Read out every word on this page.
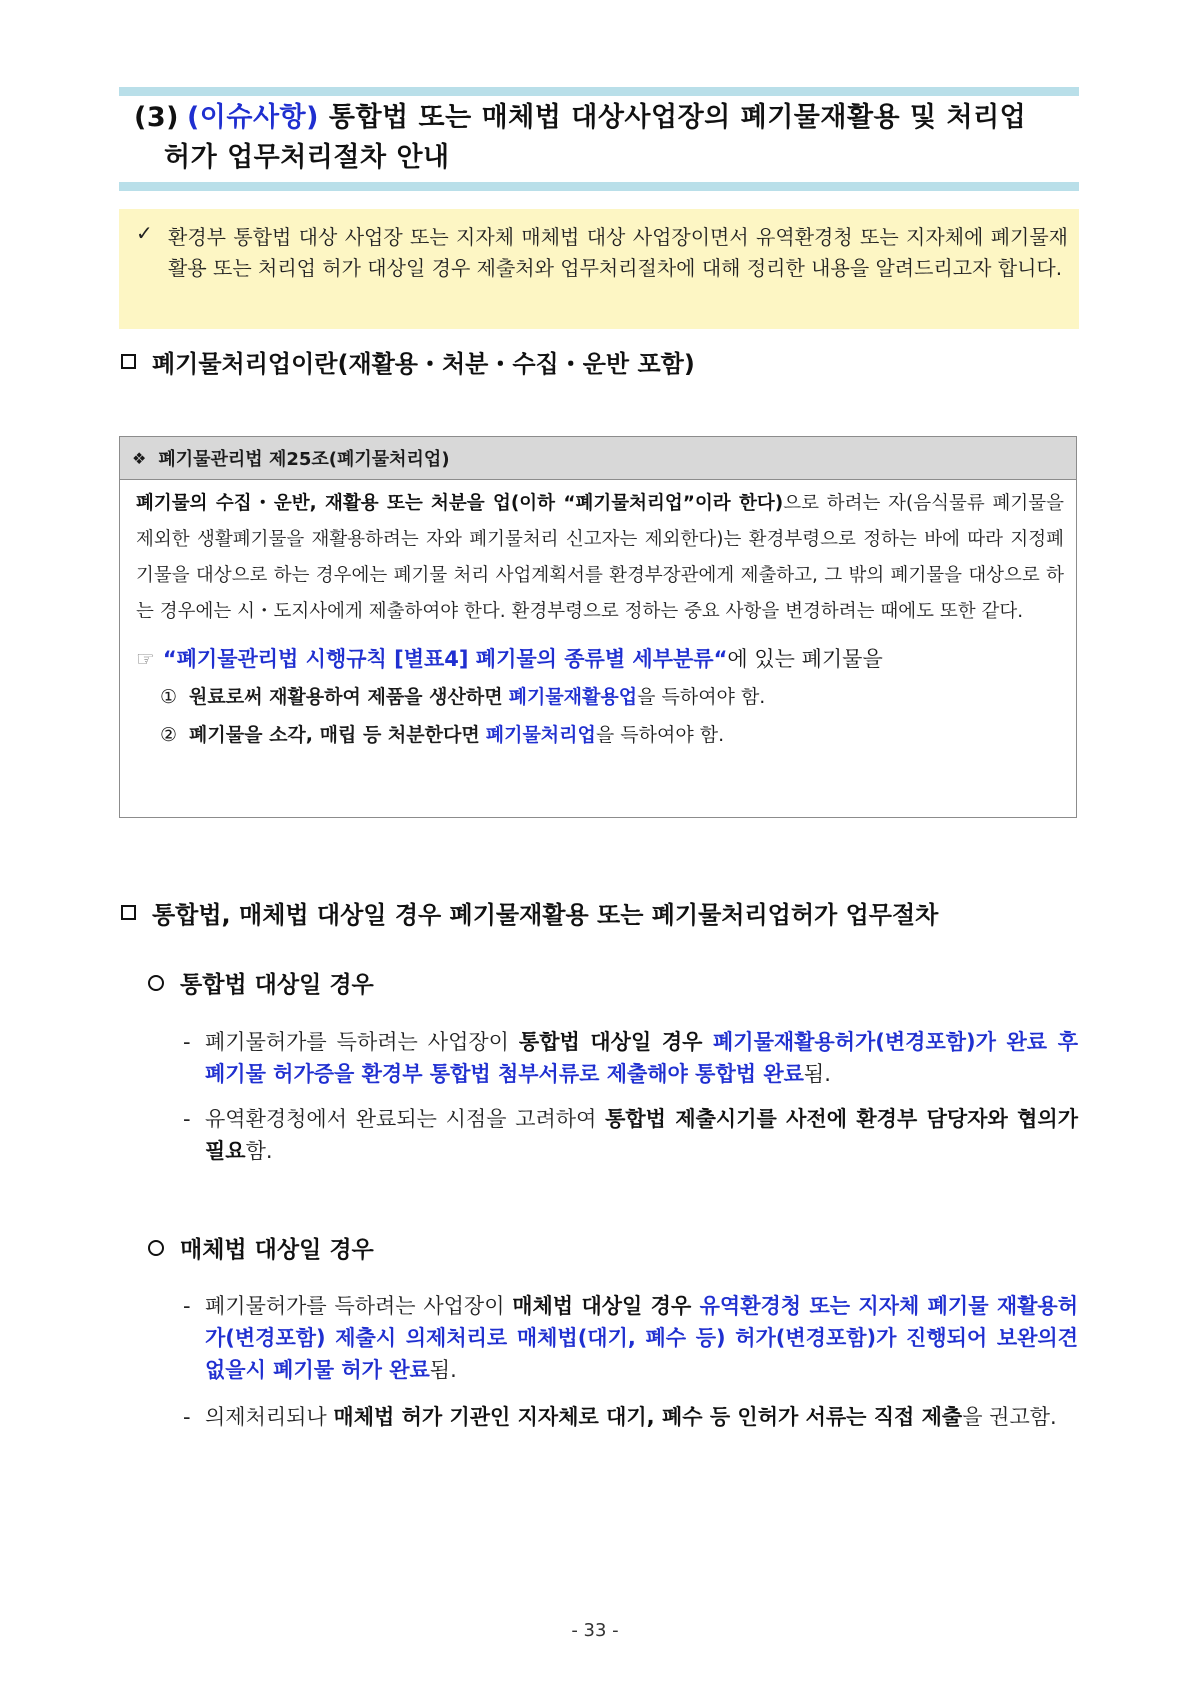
(3) (이슈사항) 통합법 또는 매체법 대상사업장의 폐기물재활용 및 처리업
허가 업무처리절차 안내
✓ 환경부 통합법 대상 사업장 또는 지자체 매체법 대상 사업장이면서 유역환경청 또는 지자체에 폐기물재활용 또는 처리업 허가 대상일 경우 제출처와 업무처리절차에 대해 정리한 내용을 알려드리고자 합니다.
폐기물처리업이란(재활용・처분・수집・운반 포함)
❖ 폐기물관리법 제25조(폐기물처리업)
폐기물의 수집・운반, 재활용 또는 처분을 업(이하 “폐기물처리업”이라 한다)으로 하려는 자(음식물류 폐기물을 제외한 생활폐기물을 재활용하려는 자와 폐기물처리 신고자는 제외한다)는 환경부령으로 정하는 바에 따라 지정폐기물을 대상으로 하는 경우에는 폐기물 처리 사업계획서를 환경부장관에게 제출하고, 그 밖의 폐기물을 대상으로 하는 경우에는 시・도지사에게 제출하여야 한다. 환경부령으로 정하는 중요 사항을 변경하려는 때에도 또한 같다.
☞ “폐기물관리법 시행규칙 [별표4] 폐기물의 종류별 세부분류“에 있는 폐기물을
① 원료로써 재활용하여 제품을 생산하면 폐기물재활용업을 득하여야 함.
② 폐기물을 소각, 매립 등 처분한다면 폐기물처리업을 득하여야 함.
통합법, 매체법 대상일 경우 폐기물재활용 또는 폐기물처리업허가 업무절차
통합법 대상일 경우
- 폐기물허가를 득하려는 사업장이 통합법 대상일 경우 폐기물재활용허가(변경포함)가 완료 후 폐기물 허가증을 환경부 통합법 첨부서류로 제출해야 통합법 완료됨.
- 유역환경청에서 완료되는 시점을 고려하여 통합법 제출시기를 사전에 환경부 담당자와 협의가 필요함.
매체법 대상일 경우
- 폐기물허가를 득하려는 사업장이 매체법 대상일 경우 유역환경청 또는 지자체 폐기물 재활용허가(변경포함) 제출시 의제처리로 매체법(대기, 폐수 등) 허가(변경포함)가 진행되어 보완의견 없을시 폐기물 허가 완료됨.
- 의제처리되나 매체법 허가 기관인 지자체로 대기, 폐수 등 인허가 서류는 직접 제출을 권고함.
- 33 -
